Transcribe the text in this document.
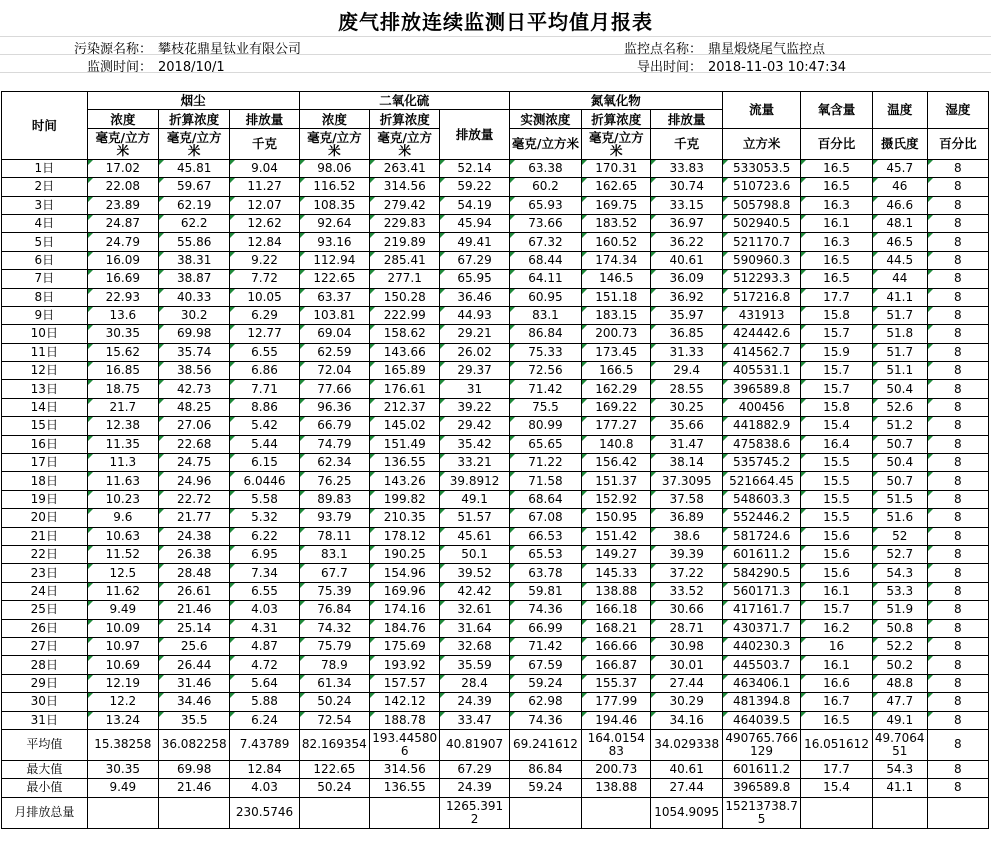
废气排放连续监测日平均值月报表
污染源名称： 攀枝花鼎星钛业有限公司	监控点名称： 鼎星煅烧尾气监控点
监测时间： 2018/10/1	导出时间： 2018-11-03 10:47:34
时间	烟尘			二氧化硫			氮氧化物			流量	氧含量	温度	湿度
	浓度	折算浓度	排放量	浓度	折算浓度	排放量	实测浓度	折算浓度	排放量				
	毫克/立方米	毫克/立方米	千克	毫克/立方米	毫克/立方米		毫克/立方米	毫克/立方米	千克	立方米	百分比	摄氏度	百分比
1日	17.02	45.81	9.04	98.06	263.41	52.14	63.38	170.31	33.83	533053.5	16.5	45.7	8
2日	22.08	59.67	11.27	116.52	314.56	59.22	60.2	162.65	30.74	510723.6	16.5	46	8
3日	23.89	62.19	12.07	108.35	279.42	54.19	65.93	169.75	33.15	505798.8	16.3	46.6	8
4日	24.87	62.2	12.62	92.64	229.83	45.94	73.66	183.52	36.97	502940.5	16.1	48.1	8
5日	24.79	55.86	12.84	93.16	219.89	49.41	67.32	160.52	36.22	521170.7	16.3	46.5	8
6日	16.09	38.31	9.22	112.94	285.41	67.29	68.44	174.34	40.61	590960.3	16.5	44.5	8
7日	16.69	38.87	7.72	122.65	277.1	65.95	64.11	146.5	36.09	512293.3	16.5	44	8
8日	22.93	40.33	10.05	63.37	150.28	36.46	60.95	151.18	36.92	517216.8	17.7	41.1	8
9日	13.6	30.2	6.29	103.81	222.99	44.93	83.1	183.15	35.97	431913	15.8	51.7	8
10日	30.35	69.98	12.77	69.04	158.62	29.21	86.84	200.73	36.85	424442.6	15.7	51.8	8
11日	15.62	35.74	6.55	62.59	143.66	26.02	75.33	173.45	31.33	414562.7	15.9	51.7	8
12日	16.85	38.56	6.86	72.04	165.89	29.37	72.56	166.5	29.4	405531.1	15.7	51.1	8
13日	18.75	42.73	7.71	77.66	176.61	31	71.42	162.29	28.55	396589.8	15.7	50.4	8
14日	21.7	48.25	8.86	96.36	212.37	39.22	75.5	169.22	30.25	400456	15.8	52.6	8
15日	12.38	27.06	5.42	66.79	145.02	29.42	80.99	177.27	35.66	441882.9	15.4	51.2	8
16日	11.35	22.68	5.44	74.79	151.49	35.42	65.65	140.8	31.47	475838.6	16.4	50.7	8
17日	11.3	24.75	6.15	62.34	136.55	33.21	71.22	156.42	38.14	535745.2	15.5	50.4	8
18日	11.63	24.96	6.0446	76.25	143.26	39.8912	71.58	151.37	37.3095	521664.45	15.5	50.7	8
19日	10.23	22.72	5.58	89.83	199.82	49.1	68.64	152.92	37.58	548603.3	15.5	51.5	8
20日	9.6	21.77	5.32	93.79	210.35	51.57	67.08	150.95	36.89	552446.2	15.5	51.6	8
21日	10.63	24.38	6.22	78.11	178.12	45.61	66.53	151.42	38.6	581724.6	15.6	52	8
22日	11.52	26.38	6.95	83.1	190.25	50.1	65.53	149.27	39.39	601611.2	15.6	52.7	8
23日	12.5	28.48	7.34	67.7	154.96	39.52	63.78	145.33	37.22	584290.5	15.6	54.3	8
24日	11.62	26.61	6.55	75.39	169.96	42.42	59.81	138.88	33.52	560171.3	16.1	53.3	8
25日	9.49	21.46	4.03	76.84	174.16	32.61	74.36	166.18	30.66	417161.7	15.7	51.9	8
26日	10.09	25.14	4.31	74.32	184.76	31.64	66.99	168.21	28.71	430371.7	16.2	50.8	8
27日	10.97	25.6	4.87	75.79	175.69	32.68	71.42	166.66	30.98	440230.3	16	52.2	8
28日	10.69	26.44	4.72	78.9	193.92	35.59	67.59	166.87	30.01	445503.7	16.1	50.2	8
29日	12.19	31.46	5.64	61.34	157.57	28.4	59.24	155.37	27.44	463406.1	16.6	48.8	8
30日	12.2	34.46	5.88	50.24	142.12	24.39	62.98	177.99	30.29	481394.8	16.7	47.7	8
31日	13.24	35.5	6.24	72.54	188.78	33.47	74.36	194.46	34.16	464039.5	16.5	49.1	8
平均值	15.38258	36.082258	7.43789	82.169354	193.445806	40.81907	69.241612	164.015483	34.029338	490765.766129	16.051612	49.706451	8
最大值	30.35	69.98	12.84	122.65	314.56	67.29	86.84	200.73	40.61	601611.2	17.7	54.3	8
最小值	9.49	21.46	4.03	50.24	136.55	24.39	59.24	138.88	27.44	396589.8	15.4	41.1	8
月排放总量			230.5746			1265.3912			1054.9095	15213738.75			
